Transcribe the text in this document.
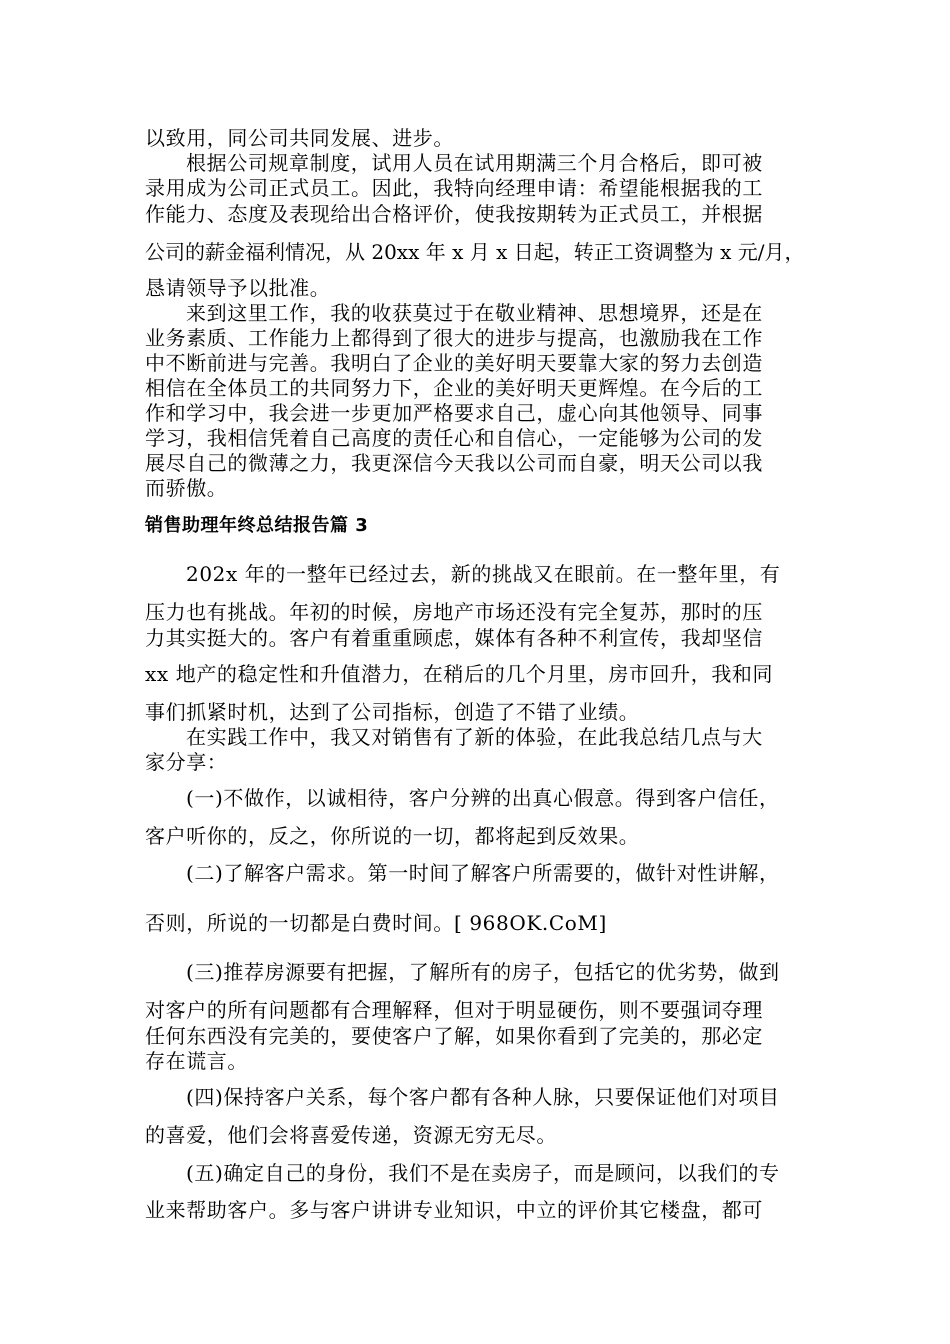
以致用，同公司共同发展、进步。
根据公司规章制度，试用人员在试用期满三个月合格后，即可被
录用成为公司正式员工。因此，我特向经理申请：希望能根据我的工
作能力、态度及表现给出合格评价，使我按期转为正式员工，并根据
公司的薪金福利情况，从 20xx 年 x 月 x 日起，转正工资调整为 x 元/月，
恳请领导予以批准。
来到这里工作，我的收获莫过于在敬业精神、思想境界，还是在
业务素质、工作能力上都得到了很大的进步与提高，也激励我在工作
中不断前进与完善。我明白了企业的美好明天要靠大家的努力去创造
相信在全体员工的共同努力下，企业的美好明天更辉煌。在今后的工
作和学习中，我会进一步更加严格要求自己，虚心向其他领导、同事
学习，我相信凭着自己高度的责任心和自信心，一定能够为公司的发
展尽自己的微薄之力，我更深信今天我以公司而自豪，明天公司以我
而骄傲。
销售助理年终总结报告篇 3
202x 年的一整年已经过去，新的挑战又在眼前。在一整年里，有
压力也有挑战。年初的时候，房地产市场还没有完全复苏，那时的压
力其实挺大的。客户有着重重顾虑，媒体有各种不利宣传，我却坚信
xx 地产的稳定性和升值潜力，在稍后的几个月里，房市回升，我和同
事们抓紧时机，达到了公司指标，创造了不错了业绩。
在实践工作中，我又对销售有了新的体验，在此我总结几点与大
家分享：
(一)不做作，以诚相待，客户分辨的出真心假意。得到客户信任，
客户听你的，反之，你所说的一切，都将起到反效果。
(二)了解客户需求。第一时间了解客户所需要的，做针对性讲解，
否则，所说的一切都是白费时间。[ 968OK.CoM]
(三)推荐房源要有把握，了解所有的房子，包括它的优劣势，做到
对客户的所有问题都有合理解释，但对于明显硬伤，则不要强词夺理
任何东西没有完美的，要使客户了解，如果你看到了完美的，那必定
存在谎言。
(四)保持客户关系，每个客户都有各种人脉，只要保证他们对项目
的喜爱，他们会将喜爱传递，资源无穷无尽。
(五)确定自己的身份，我们不是在卖房子，而是顾问，以我们的专
业来帮助客户。多与客户讲讲专业知识，中立的评价其它楼盘，都可
